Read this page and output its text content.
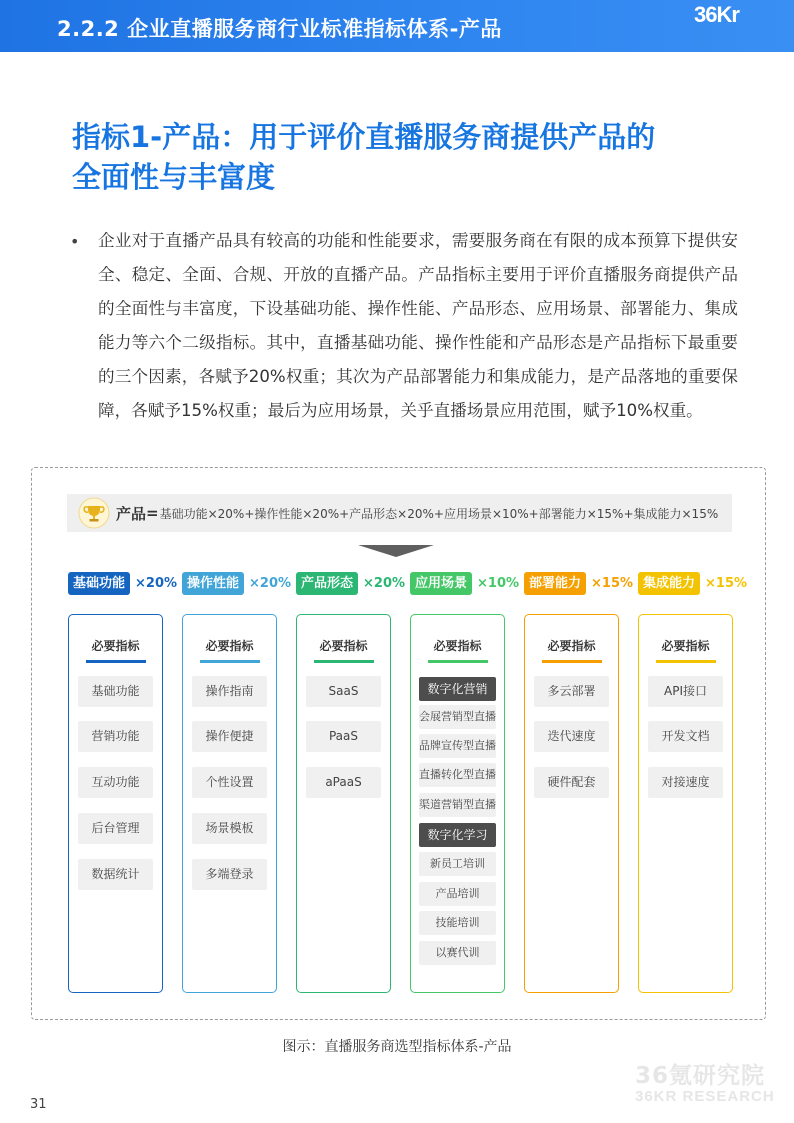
2.2.2 企业直播服务商行业标准指标体系-产品
36Kr
指标1-产品：用于评价直播服务商提供产品的
全面性与丰富度
• 企业对于直播产品具有较高的功能和性能要求，需要服务商在有限的成本预算下提供安全、稳定、全面、合规、开放的直播产品。产品指标主要用于评价直播服务商提供产品的全面性与丰富度，下设基础功能、操作性能、产品形态、应用场景、部署能力、集成能力等六个二级指标。其中，直播基础功能、操作性能和产品形态是产品指标下最重要的三个因素，各赋予20%权重；其次为产品部署能力和集成能力，是产品落地的重要保障，各赋予15%权重；最后为应用场景，关乎直播场景应用范围，赋予10%权重。
产品 = 基础功能×20%+操作性能×20%+产品形态×20%+应用场景×10%+部署能力×15%+集成能力×15%
基础功能 ×20% 操作性能 ×20% 产品形态 ×20% 应用场景 ×10% 部署能力 ×15% 集成能力 ×15%
必要指标
基础功能
营销功能
互动功能
后台管理
数据统计
必要指标
操作指南
操作便捷
个性设置
场景模板
多端登录
必要指标
SaaS
PaaS
aPaaS
必要指标
数字化营销
会展营销型直播
品牌宣传型直播
直播转化型直播
渠道营销型直播
数字化学习
新员工培训
产品培训
技能培训
以赛代训
必要指标
多云部署
迭代速度
硬件配套
必要指标
API接口
开发文档
对接速度
图示：直播服务商选型指标体系-产品
36氪研究院
36KR RESEARCH
31
